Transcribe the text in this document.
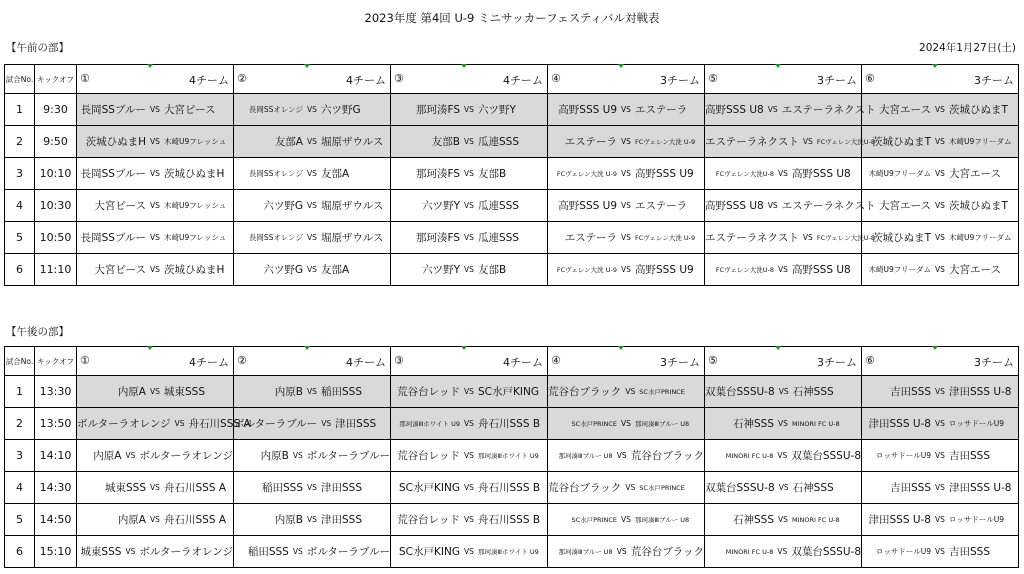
2023年度 第4回 U-9 ミニサッカーフェスティバル対戦表
【午前の部】	2024年1月27日(土)
試合No.	キックオフ	① 4チーム	② 4チーム	③ 4チーム	④ 3チーム	⑤ 3チーム	⑥ 3チーム

1	9:30	長岡SSブルー VS 大宮ピース	長岡SSオレンジ VS 六ツ野G	那珂湊FS VS 六ツ野Y	高野SSS U9 VS エステーラ	高野SSS U8 VS エステーラネクスト	大宮エース VS 茨城ひぬまT

2	9:50	茨城ひぬまH VS 木崎U9フレッシュ	友部A VS 堀原ザウルス	友部B VS 瓜連SSS	エステーラ VS FCヴェレン大洗 U-9	エステーラネクスト VS FCヴェレン大洗U-8	茨城ひぬまT VS 木崎U9フリーダム

3	10:10	長岡SSブルー VS 茨城ひぬまH	長岡SSオレンジ VS 友部A	那珂湊FS VS 友部B	FCヴェレン大洗 U-9 VS 高野SSS U9	FCヴェレン大洗U-8 VS 高野SSS U8	木崎U9フリーダム VS 大宮エース

4	10:30	大宮ピース VS 木崎U9フレッシュ	六ツ野G VS 堀原ザウルス	六ツ野Y VS 瓜連SSS	高野SSS U9 VS エステーラ	高野SSS U8 VS エステーラネクスト	大宮エース VS 茨城ひぬまT

5	10:50	長岡SSブルー VS 木崎U9フレッシュ	長岡SSオレンジ VS 堀原ザウルス	那珂湊FS VS 瓜連SSS	エステーラ VS FCヴェレン大洗 U-9	エステーラネクスト VS FCヴェレン大洗U-8	茨城ひぬまT VS 木崎U9フリーダム

6	11:10	大宮ピース VS 茨城ひぬまH	六ツ野G VS 友部A	六ツ野Y VS 友部B	FCヴェレン大洗 U-9 VS 高野SSS U9	FCヴェレン大洗U-8 VS 高野SSS U8	木崎U9フリーダム VS 大宮エース
【午後の部】
試合No.	キックオフ	① 4チーム	② 4チーム	③ 4チーム	④ 3チーム	⑤ 3チーム	⑥ 3チーム

1	13:30	内原A VS 城東SSS	内原B VS 稲田SSS	荒谷台レッド VS SC水戸KING	荒谷台ブラック VS SC水戸PRINCE	双葉台SSSU-8 VS 石神SSS	吉田SSS VS 津田SSS U-8

2	13:50	ボルターラオレンジ VS 舟石川SSS A	ボルターラブルー VS 津田SSS	那珂湊Ⅲホワイト U9 VS 舟石川SSS B	SC水戸PRINCE VS 那珂湊Ⅲブルー U8	石神SSS VS MINORI FC U-8	津田SSS U-8 VS ロッサドールU9

3	14:10	内原A VS ボルターラオレンジ	内原B VS ボルターラブルー	荒谷台レッド VS 那珂湊Ⅲホワイト U9	那珂湊Ⅲブルー U8 VS 荒谷台ブラック	MINORI FC U-8 VS 双葉台SSSU-8	ロッサドールU9 VS 吉田SSS

4	14:30	城東SSS VS 舟石川SSS A	稲田SSS VS 津田SSS	SC水戸KING VS 舟石川SSS B	荒谷台ブラック VS SC水戸PRINCE	双葉台SSSU-8 VS 石神SSS	吉田SSS VS 津田SSS U-8

5	14:50	内原A VS 舟石川SSS A	内原B VS 津田SSS	荒谷台レッド VS 舟石川SSS B	SC水戸PRINCE VS 那珂湊Ⅲブルー U8	石神SSS VS MINORI FC U-8	津田SSS U-8 VS ロッサドールU9

6	15:10	城東SSS VS ボルターラオレンジ	稲田SSS VS ボルターラブルー	SC水戸KING VS 那珂湊Ⅲホワイト U9	那珂湊Ⅲブルー U8 VS 荒谷台ブラック	MINORI FC U-8 VS 双葉台SSSU-8	ロッサドールU9 VS 吉田SSS
